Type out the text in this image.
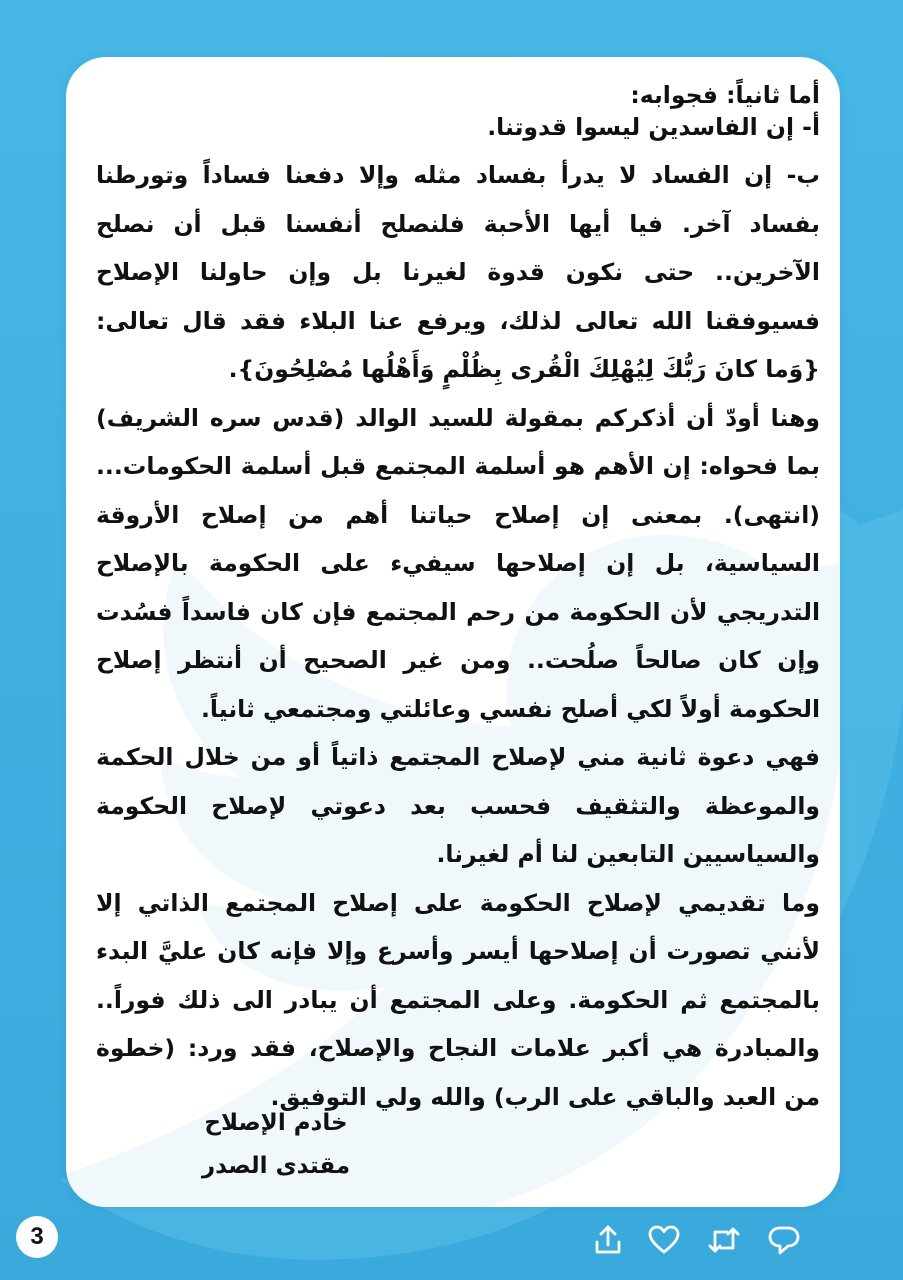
أما ثانياً: فجوابه:

أ- إن الفاسدين ليسوا قدوتنا.

ب- إن الفساد لا يدرأ بفساد مثله وإلا دفعنا فساداً وتورطنا بفساد آخر. فيا أيها الأحبة فلنصلح أنفسنا قبل أن نصلح الآخرين.. حتى نكون قدوة لغيرنا بل وإن حاولنا الإصلاح فسيوفقنا الله تعالى لذلك، ويرفع عنا البلاء فقد قال تعالى: {وَما كانَ رَبُّكَ لِيُهْلِكَ الْقُرى بِظُلْمٍ وَأَهْلُها مُصْلِحُونَ}.

وهنا أودّ أن أذكركم بمقولة للسيد الوالد (قدس سره الشريف) بما فحواه: إن الأهم هو أسلمة المجتمع قبل أسلمة الحكومات... (انتهى). بمعنى إن إصلاح حياتنا أهم من إصلاح الأروقة السياسية، بل إن إصلاحها سيفيء على الحكومة بالإصلاح التدريجي لأن الحكومة من رحم المجتمع فإن كان فاسداً فسُدت وإن كان صالحاً صلُحت.. ومن غير الصحيح أن أنتظر إصلاح الحكومة أولاً لكي أصلح نفسي وعائلتي ومجتمعي ثانياً.

فهي دعوة ثانية مني لإصلاح المجتمع ذاتياً أو من خلال الحكمة والموعظة والتثقيف فحسب بعد دعوتي لإصلاح الحكومة والسياسيين التابعين لنا أم لغيرنا.

وما تقديمي لإصلاح الحكومة على إصلاح المجتمع الذاتي إلا لأنني تصورت أن إصلاحها أيسر وأسرع وإلا فإنه كان عليَّ البدء بالمجتمع ثم الحكومة. وعلى المجتمع أن يبادر الى ذلك فوراً.. والمبادرة هي أكبر علامات النجاح والإصلاح، فقد ورد: (خطوة من العبد والباقي على الرب) والله ولي التوفيق.

خادم الإصلاح
مقتدى الصدر
3
